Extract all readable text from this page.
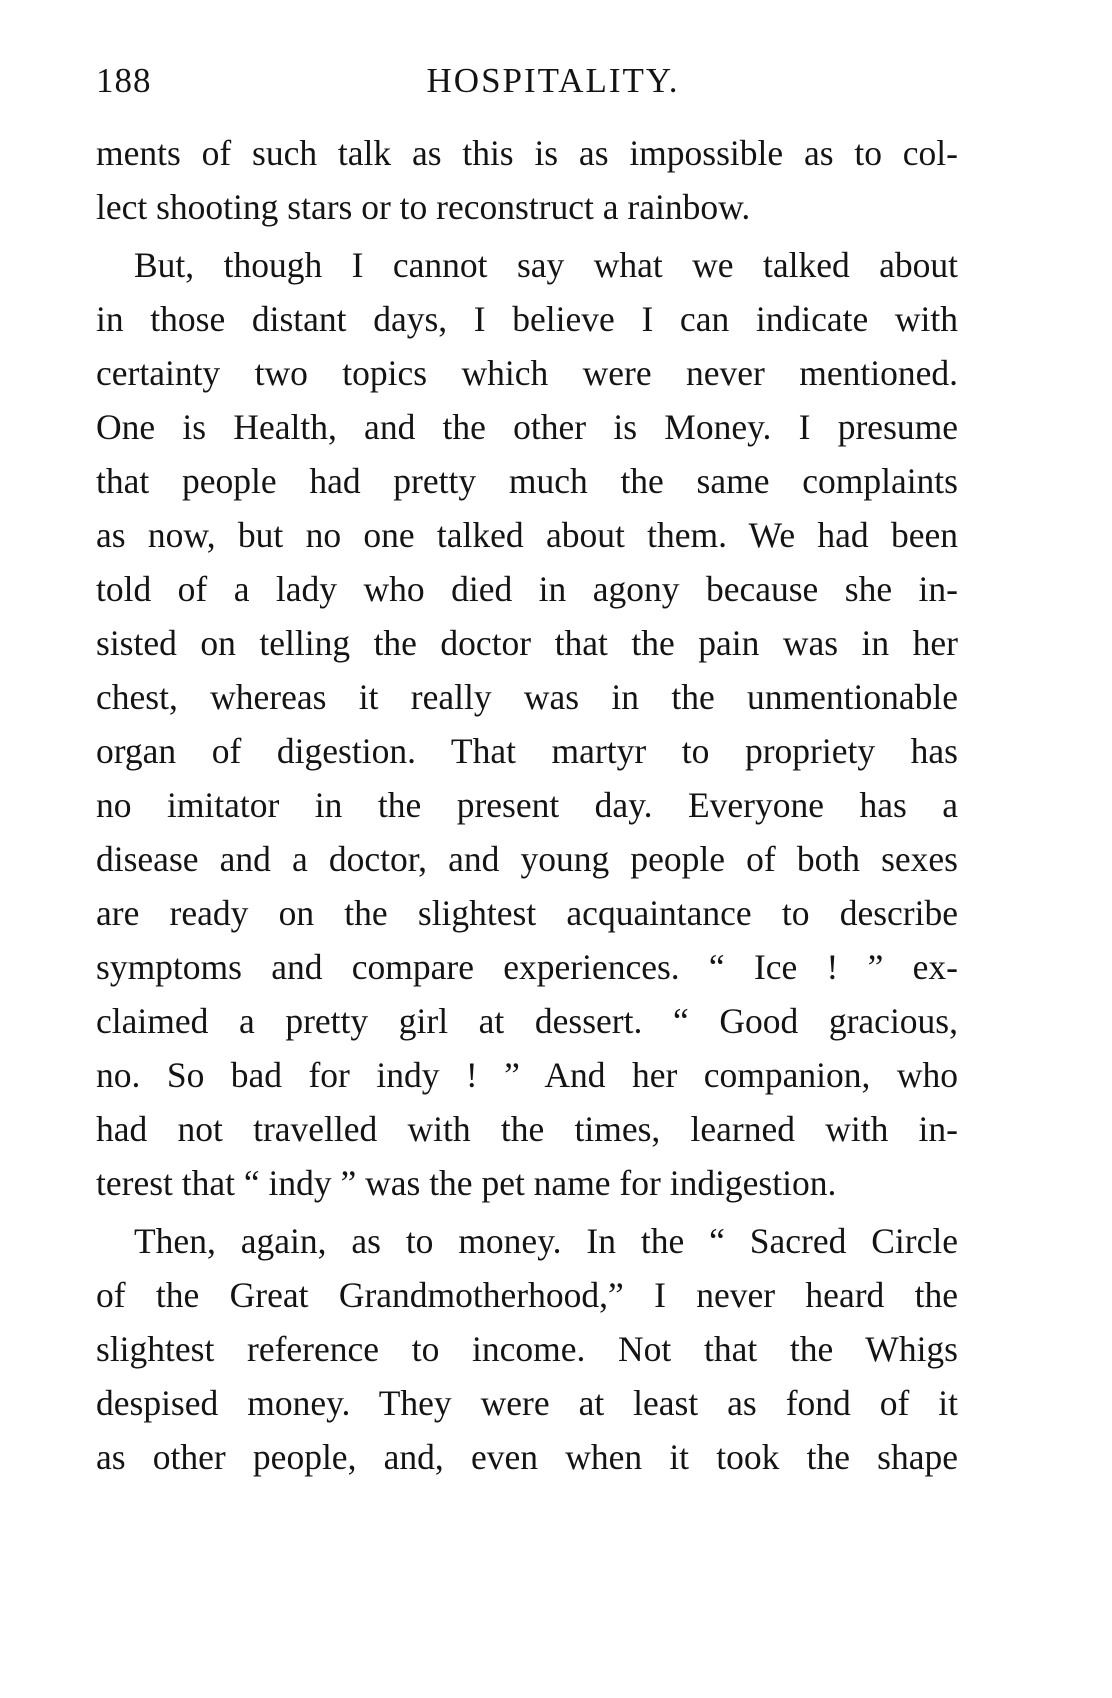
188	HOSPITALITY.
ments of such talk as this is as impossible as to col-
lect shooting stars or to reconstruct a rainbow.
But, though I cannot say what we talked about
in those distant days, I believe I can indicate with
certainty two topics which were never mentioned.
One is Health, and the other is Money. I presume
that people had pretty much the same complaints
as now, but no one talked about them. We had been
told of a lady who died in agony because she in-
sisted on telling the doctor that the pain was in her
chest, whereas it really was in the unmentionable
organ of digestion. That martyr to propriety has
no imitator in the present day. Everyone has a
disease and a doctor, and young people of both sexes
are ready on the slightest acquaintance to describe
symptoms and compare experiences. “ Ice ! ” ex-
claimed a pretty girl at dessert. “ Good gracious,
no. So bad for indy ! ” And her companion, who
had not travelled with the times, learned with in-
terest that “ indy ” was the pet name for indigestion.
Then, again, as to money. In the “ Sacred Circle
of the Great Grandmotherhood,” I never heard the
slightest reference to income. Not that the Whigs
despised money. They were at least as fond of it
as other people, and, even when it took the shape
